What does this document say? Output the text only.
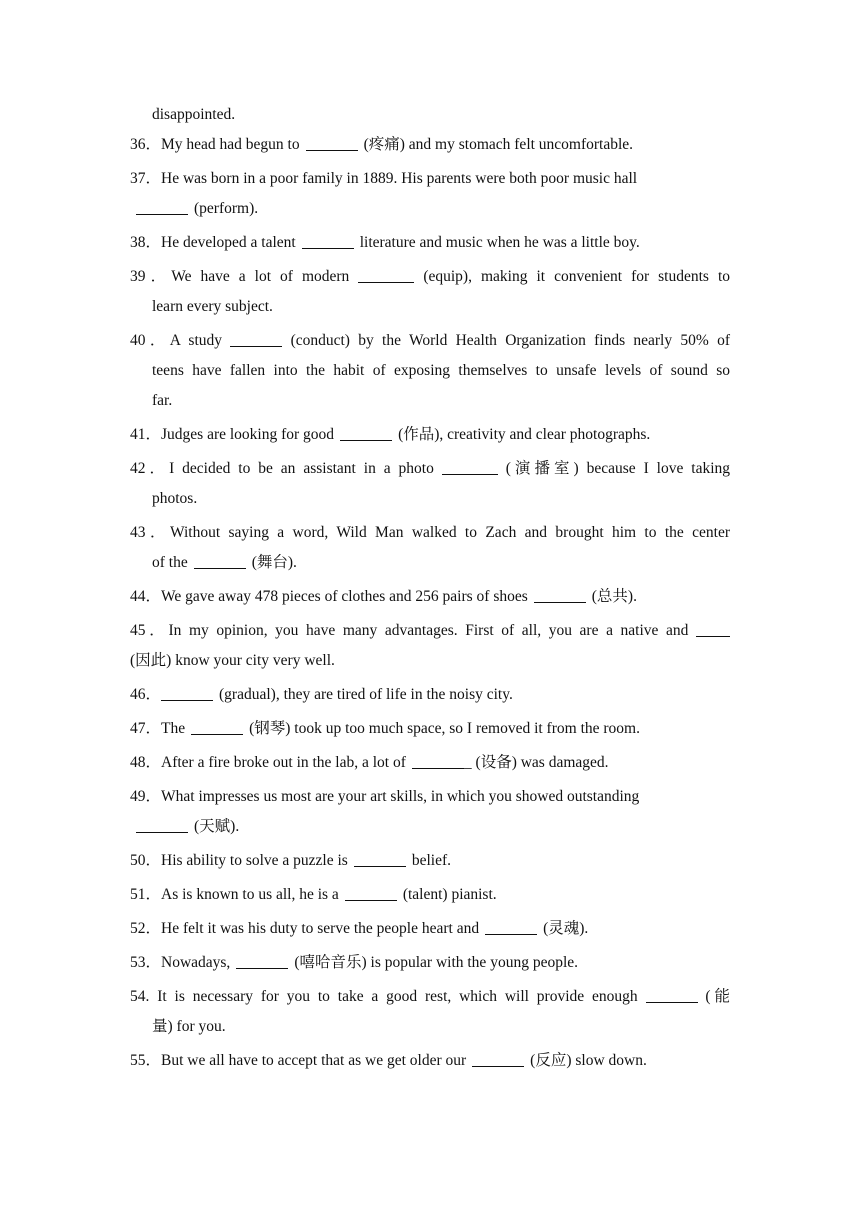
disappointed.
36．My head had begun to	(疼痛) and my stomach felt uncomfortable.
37．He was born in a poor family in 1889. His parents were both poor music hall
(perform).
38．He developed a talent	literature and music when he was a little boy.
39．We have a lot of modern	(equip), making it convenient for students to
learn every subject.
40．A study	(conduct) by the World Health Organization finds nearly 50% of
teens have fallen into the habit of exposing themselves to unsafe levels of sound so
far.
41．Judges are looking for good	(作品), creativity and clear photographs.
42．I decided to be an assistant in a photo	(演播室) because I love taking
photos.
43．Without saying a word, Wild Man walked to Zach and brought him to the center
of the	(舞台).
44．We gave away 478 pieces of clothes and 256 pairs of shoes	(总共).
45．In my opinion, you have many advantages. First of all, you are a native and
(因此) know your city very well.
46．	(gradual), they are tired of life in the noisy city.
47．The	(钢琴) took up too much space, so I removed it from the room.
48．After a fire broke out in the lab, a lot of	_ (设备) was damaged.
49．What impresses us most are your art skills, in which you showed outstanding
(天赋).
50．His ability to solve a puzzle is	belief.
51．As is known to us all, he is a	(talent) pianist.
52．He felt it was his duty to serve the people heart and	(灵魂).
53．Nowadays,	(嘻哈音乐) is popular with the young people.
54. It is necessary for you to take a good rest, which will provide enough	(能
量) for you.
55．But we all have to accept that as we get older our	(反应) slow down.
